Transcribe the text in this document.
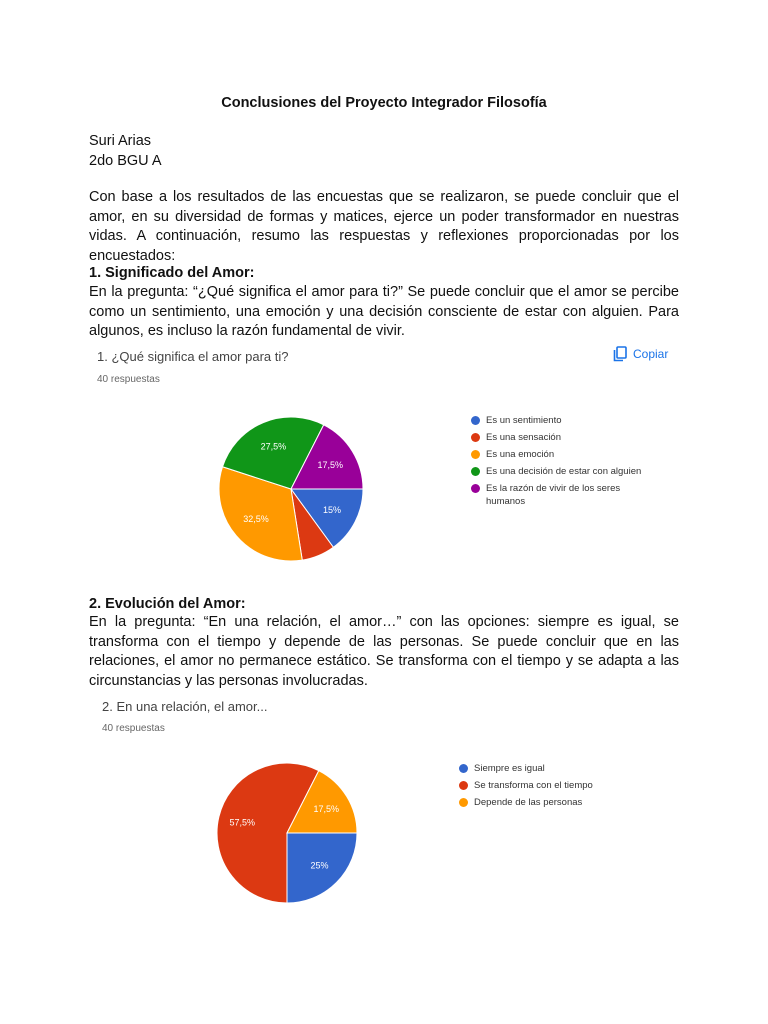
Conclusiones del Proyecto Integrador Filosofía
Suri Arias
2do BGU A
Con base a los resultados de las encuestas que se realizaron, se puede concluir que el amor, en su diversidad de formas y matices, ejerce un poder transformador en nuestras vidas. A continuación, resumo las respuestas y reflexiones proporcionadas por los encuestados:
1. Significado del Amor:
En la pregunta: “¿Qué significa el amor para ti?” Se puede concluir que el amor se percibe como un sentimiento, una emoción y una decisión consciente de estar con alguien. Para algunos, es incluso la razón fundamental de vivir.
1. ¿Qué significa el amor para ti?
40 respuestas
Copiar
15%
32,5%
27,5%
17,5%
Es un sentimiento
Es una sensación
Es una emoción
Es una decisión de estar con alguien
Es la razón de vivir de los seres humanos
2. Evolución del Amor:
En la pregunta: “En una relación, el amor…” con las opciones: siempre es igual, se transforma con el tiempo y depende de las personas. Se puede concluir que en las relaciones, el amor no permanece estático. Se transforma con el tiempo y se adapta a las circunstancias y las personas involucradas.
2. En una relación, el amor...
40 respuestas
25%
57,5%
17,5%
Siempre es igual
Se transforma con el tiempo
Depende de las personas
